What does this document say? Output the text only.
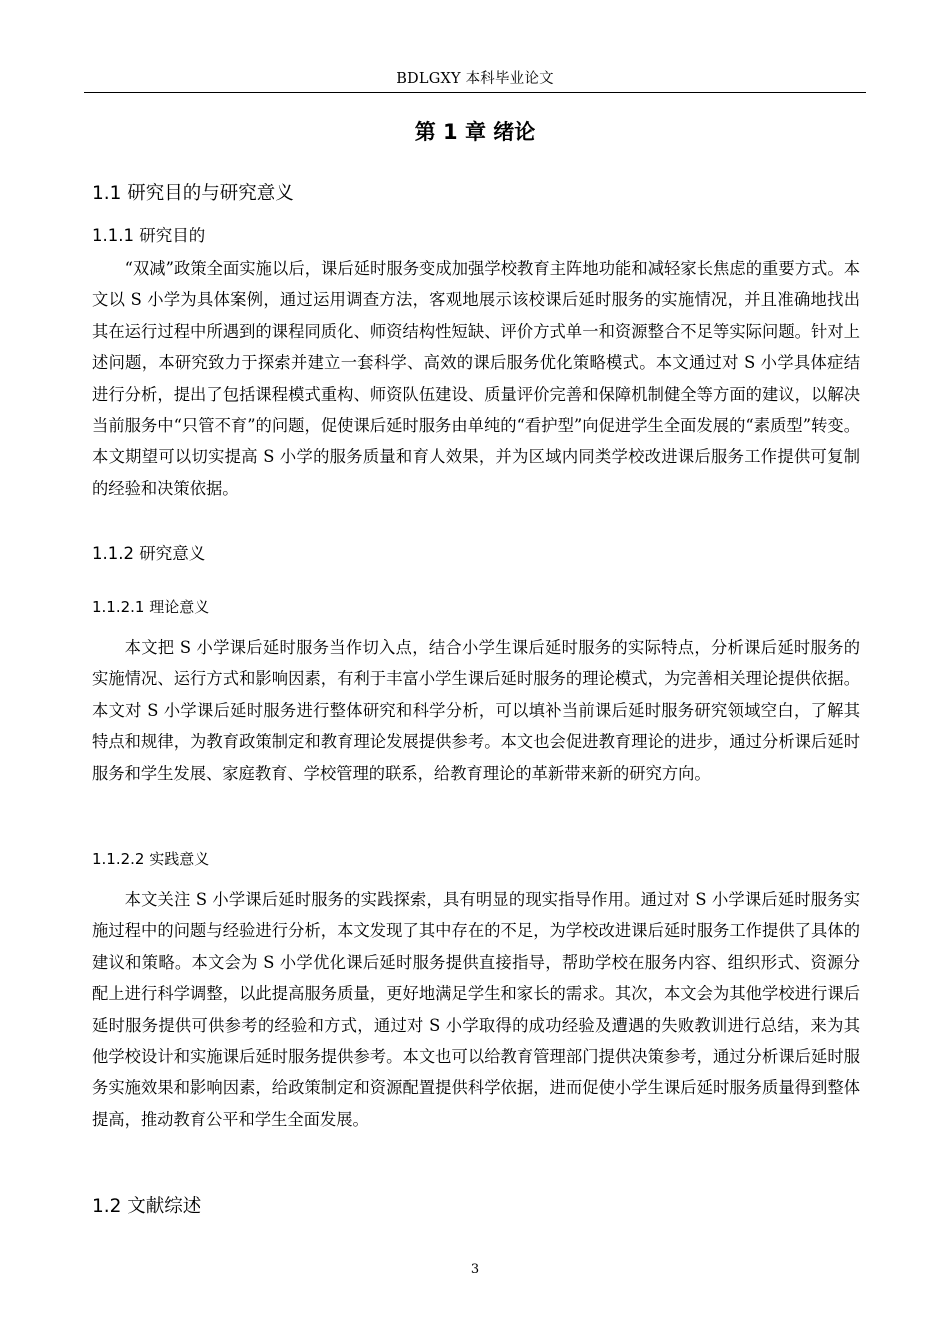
BDLGXY 本科毕业论文
第 1 章 绪论
1.1 研究目的与研究意义
1.1.1 研究目的

“双减”政策全面实施以后，课后延时服务变成加强学校教育主阵地功能和减轻家长焦虑的重要方式。本文以 S 小学为具体案例，通过运用调查方法，客观地展示该校课后延时服务的实施情况，并且准确地找出其在运行过程中所遇到的课程同质化、师资结构性短缺、评价方式单一和资源整合不足等实际问题。针对上述问题，本研究致力于探索并建立一套科学、高效的课后服务优化策略模式。本文通过对 S 小学具体症结进行分析，提出了包括课程模式重构、师资队伍建设、质量评价完善和保障机制健全等方面的建议，以解决当前服务中“只管不育”的问题，促使课后延时服务由单纯的“看护型”向促进学生全面发展的“素质型”转变。本文期望可以切实提高 S 小学的服务质量和育人效果，并为区域内同类学校改进课后服务工作提供可复制的经验和决策依据。

1.1.2 研究意义
1.1.2.1 理论意义

本文把 S 小学课后延时服务当作切入点，结合小学生课后延时服务的实际特点，分析课后延时服务的实施情况、运行方式和影响因素，有利于丰富小学生课后延时服务的理论模式，为完善相关理论提供依据。本文对 S 小学课后延时服务进行整体研究和科学分析，可以填补当前课后延时服务研究领域空白，了解其特点和规律，为教育政策制定和教育理论发展提供参考。本文也会促进教育理论的进步，通过分析课后延时服务和学生发展、家庭教育、学校管理的联系，给教育理论的革新带来新的研究方向。

1.1.2.2 实践意义

本文关注 S 小学课后延时服务的实践探索，具有明显的现实指导作用。通过对 S 小学课后延时服务实施过程中的问题与经验进行分析，本文发现了其中存在的不足，为学校改进课后延时服务工作提供了具体的建议和策略。本文会为 S 小学优化课后延时服务提供直接指导，帮助学校在服务内容、组织形式、资源分配上进行科学调整，以此提高服务质量，更好地满足学生和家长的需求。其次，本文会为其他学校进行课后延时服务提供可供参考的经验和方式，通过对 S 小学取得的成功经验及遭遇的失败教训进行总结，来为其他学校设计和实施课后延时服务提供参考。本文也可以给教育管理部门提供决策参考，通过分析课后延时服务实施效果和影响因素，给政策制定和资源配置提供科学依据，进而促使小学生课后延时服务质量得到整体提高，推动教育公平和学生全面发展。

1.2 文献综述
3
